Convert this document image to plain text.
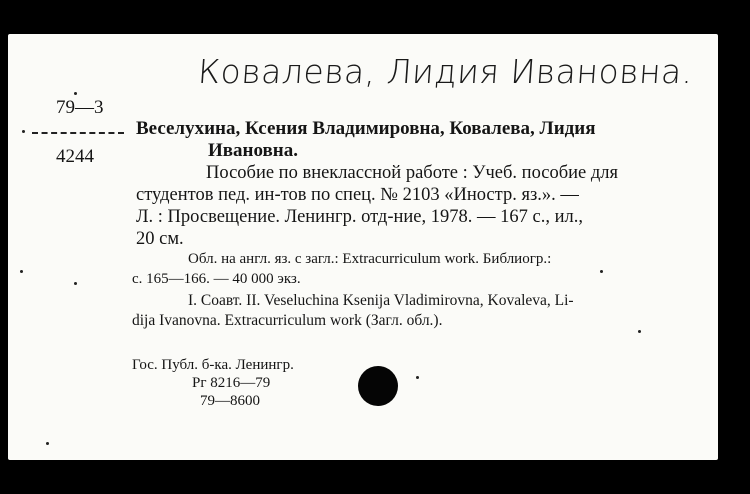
Ковалева, Лидия Ивановна.
79—3
4244
Веселухина, Ксения Владимировна, Ковалева, Лидия
Ивановна.
Пособие по внеклассной работе : Учеб. пособие для
студентов пед. ин-тов по спец. № 2103 «Иностр. яз.». —
Л. : Просвещение. Ленингр. отд-ние, 1978. — 167 с., ил.,
20 см.
Обл. на англ. яз. с загл.: Extracurriculum work. Библиогр.:
с. 165—166. — 40 000 экз.
I. Соавт. II. Veseluchina Ksenija Vladimirovna, Kovaleva, Li-
dija Ivanovna. Extracurriculum work (Загл. обл.).
Гос. Публ. б-ка. Ленингр.
Рг 8216—79
79—8600
